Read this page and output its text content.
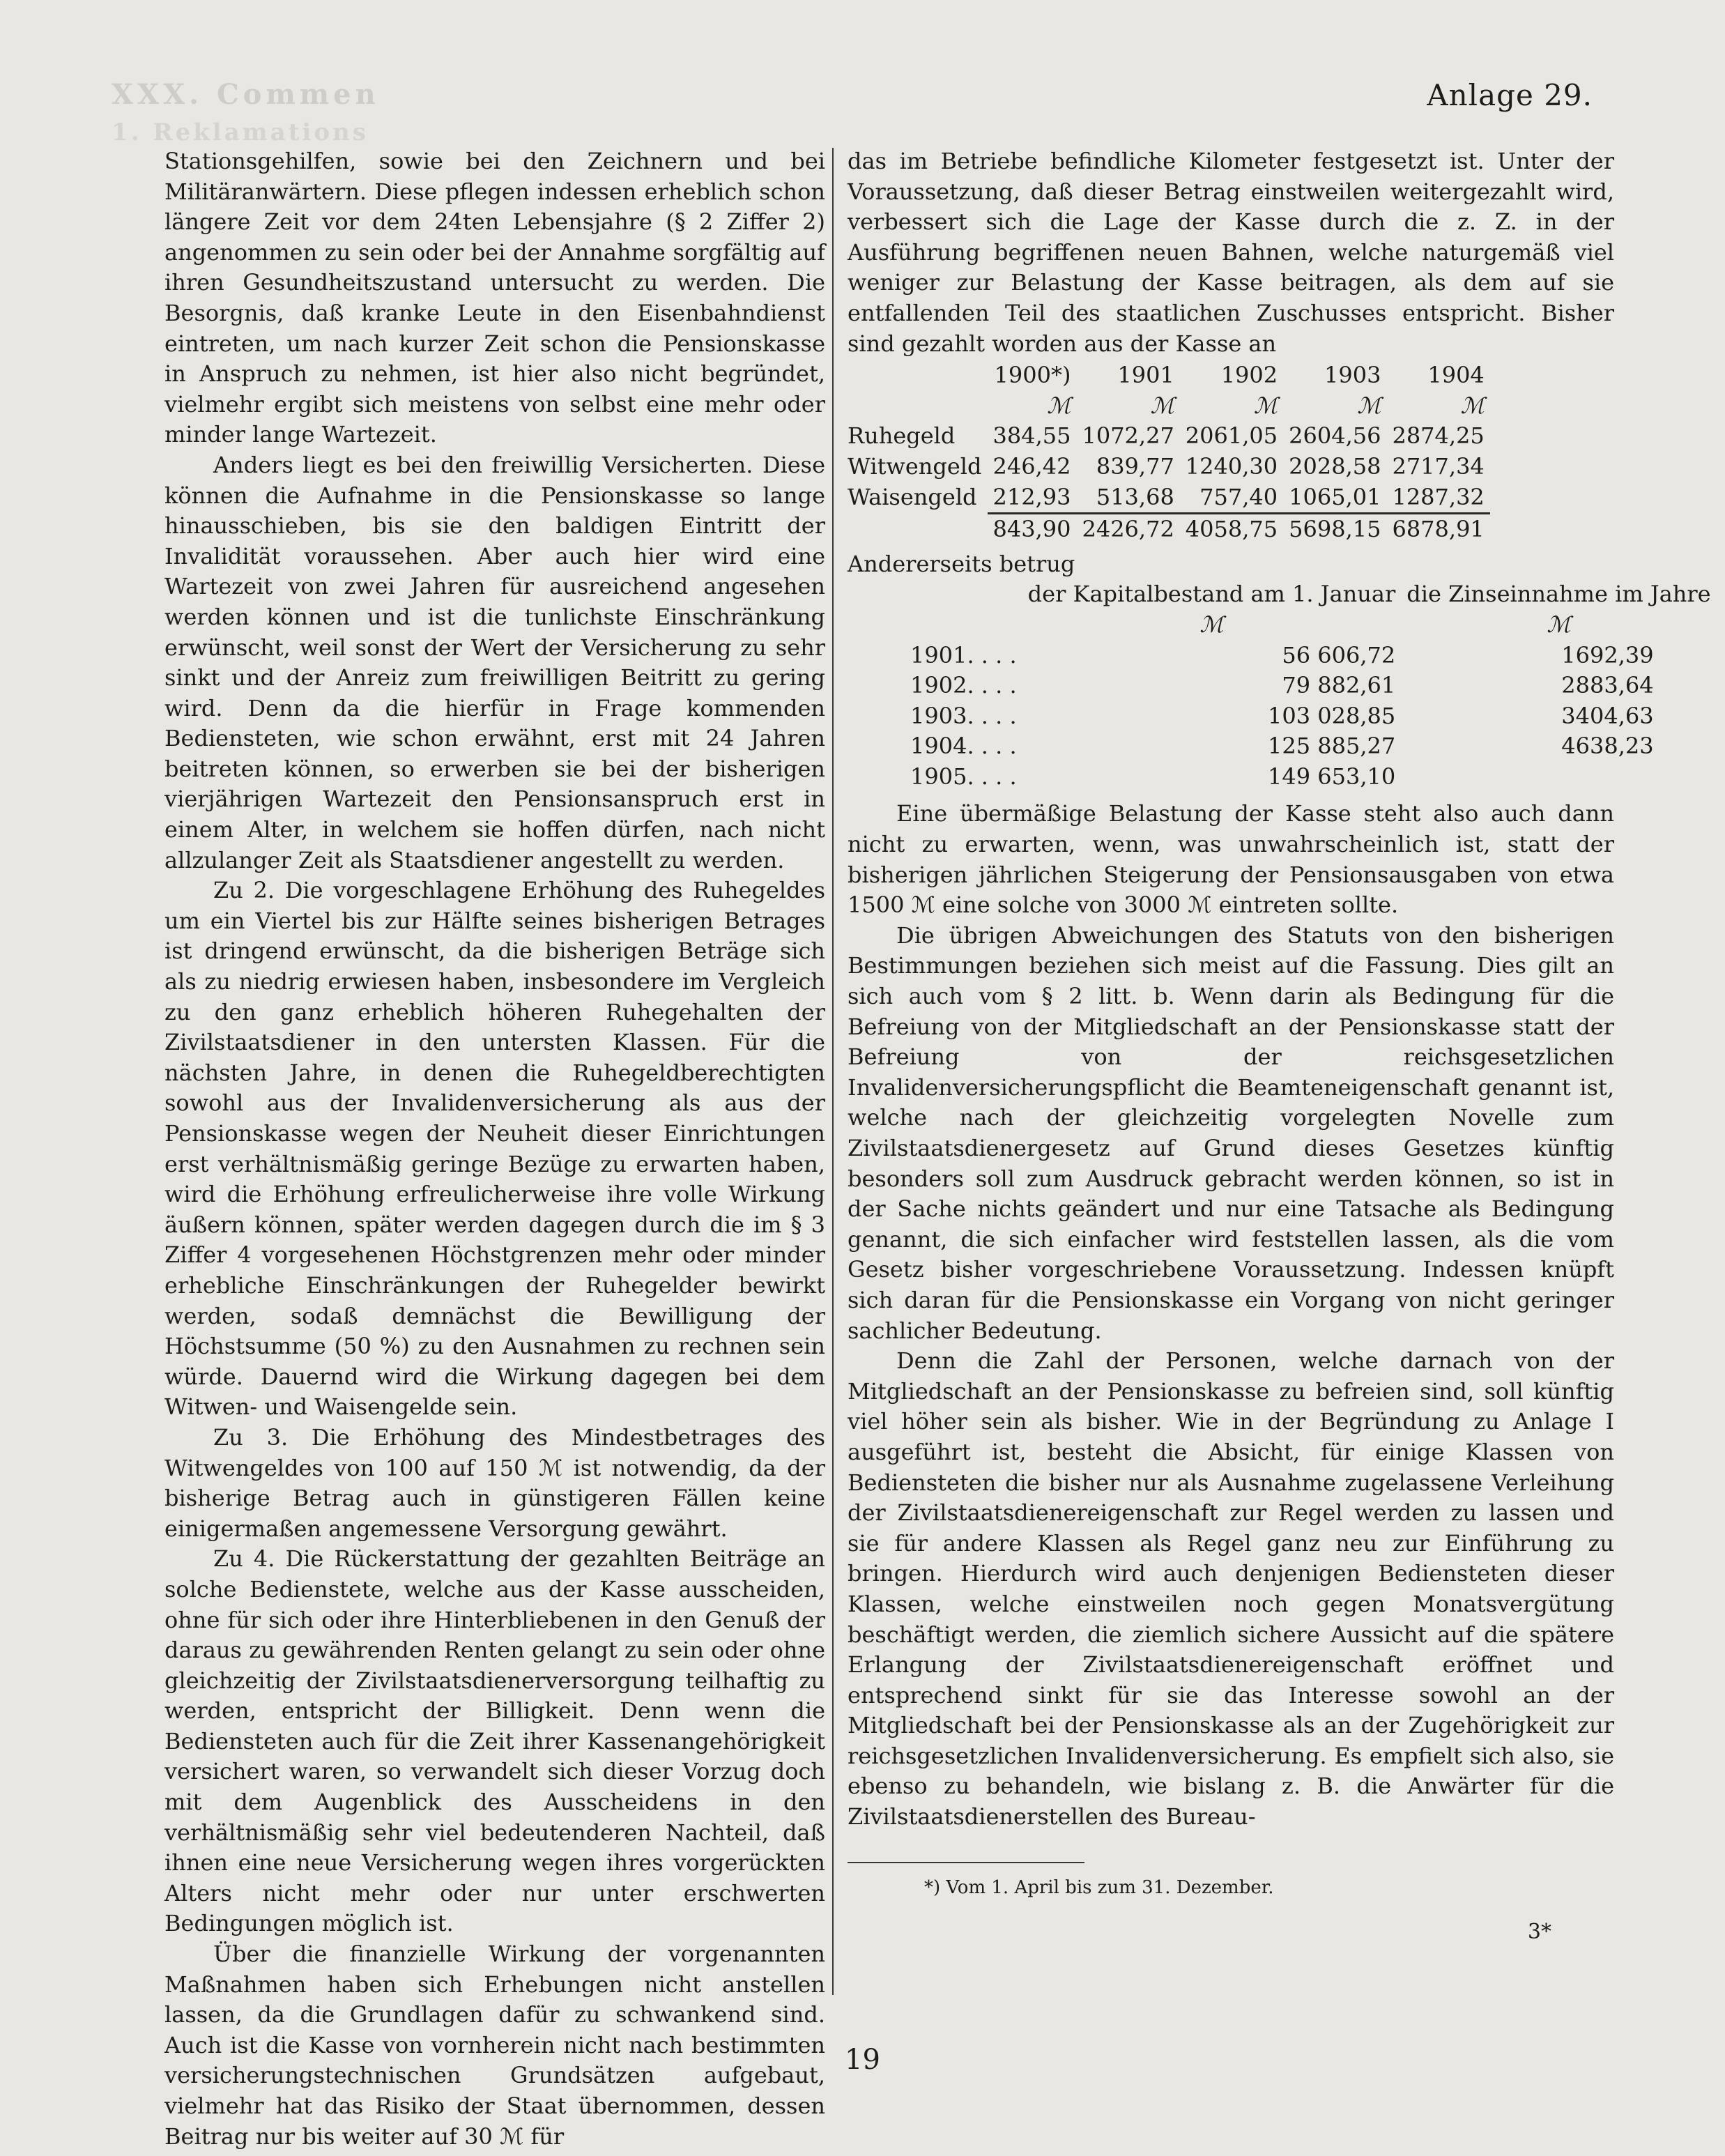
XXX. Commen
1. Reklamations
Anlage 29.

Stationsgehilfen, sowie bei den Zeichnern und bei Militäranwärtern. Diese pflegen indessen erheblich schon längere Zeit vor dem 24ten Lebensjahre (§ 2 Ziffer 2) angenommen zu sein oder bei der Annahme sorgfältig auf ihren Gesundheitszustand untersucht zu werden. Die Besorgnis, daß kranke Leute in den Eisenbahndienst eintreten, um nach kurzer Zeit schon die Pensionskasse in Anspruch zu nehmen, ist hier also nicht begründet, vielmehr ergibt sich meistens von selbst eine mehr oder minder lange Wartezeit.

Anders liegt es bei den freiwillig Versicherten. Diese können die Aufnahme in die Pensionskasse so lange hinausschieben, bis sie den baldigen Eintritt der Invalidität voraussehen. Aber auch hier wird eine Wartezeit von zwei Jahren für ausreichend angesehen werden können und ist die tunlichste Einschränkung erwünscht, weil sonst der Wert der Versicherung zu sehr sinkt und der Anreiz zum freiwilligen Beitritt zu gering wird. Denn da die hierfür in Frage kommenden Bediensteten, wie schon erwähnt, erst mit 24 Jahren beitreten können, so erwerben sie bei der bisherigen vierjährigen Wartezeit den Pensionsanspruch erst in einem Alter, in welchem sie hoffen dürfen, nach nicht allzulanger Zeit als Staatsdiener angestellt zu werden.

Zu 2. Die vorgeschlagene Erhöhung des Ruhegeldes um ein Viertel bis zur Hälfte seines bisherigen Betrages ist dringend erwünscht, da die bisherigen Beträge sich als zu niedrig erwiesen haben, insbesondere im Vergleich zu den ganz erheblich höheren Ruhegehalten der Zivilstaatsdiener in den untersten Klassen. Für die nächsten Jahre, in denen die Ruhegeldberechtigten sowohl aus der Invalidenversicherung als aus der Pensionskasse wegen der Neuheit dieser Einrichtungen erst verhältnismäßig geringe Bezüge zu erwarten haben, wird die Erhöhung erfreulicherweise ihre volle Wirkung äußern können, später werden dagegen durch die im § 3 Ziffer 4 vorgesehenen Höchstgrenzen mehr oder minder erhebliche Einschränkungen der Ruhegelder bewirkt werden, sodaß demnächst die Bewilligung der Höchstsumme (50 %) zu den Ausnahmen zu rechnen sein würde. Dauernd wird die Wirkung dagegen bei dem Witwen- und Waisengelde sein.

Zu 3. Die Erhöhung des Mindestbetrages des Witwengeldes von 100 auf 150 ℳ ist notwendig, da der bisherige Betrag auch in günstigeren Fällen keine einigermaßen angemessene Versorgung gewährt.

Zu 4. Die Rückerstattung der gezahlten Beiträge an solche Bedienstete, welche aus der Kasse ausscheiden, ohne für sich oder ihre Hinterbliebenen in den Genuß der daraus zu gewährenden Renten gelangt zu sein oder ohne gleichzeitig der Zivilstaatsdienerversorgung teilhaftig zu werden, entspricht der Billigkeit. Denn wenn die Bediensteten auch für die Zeit ihrer Kassenangehörigkeit versichert waren, so verwandelt sich dieser Vorzug doch mit dem Augenblick des Ausscheidens in den verhältnismäßig sehr viel bedeutenderen Nachteil, daß ihnen eine neue Versicherung wegen ihres vorgerückten Alters nicht mehr oder nur unter erschwerten Bedingungen möglich ist.

Über die finanzielle Wirkung der vorgenannten Maßnahmen haben sich Erhebungen nicht anstellen lassen, da die Grundlagen dafür zu schwankend sind. Auch ist die Kasse von vornherein nicht nach bestimmten versicherungstechnischen Grundsätzen aufgebaut, vielmehr hat das Risiko der Staat übernommen, dessen Beitrag nur bis weiter auf 30 ℳ für

das im Betriebe befindliche Kilometer festgesetzt ist. Unter der Voraussetzung, daß dieser Betrag einstweilen weitergezahlt wird, verbessert sich die Lage der Kasse durch die z. Z. in der Ausführung begriffenen neuen Bahnen, welche naturgemäß viel weniger zur Belastung der Kasse beitragen, als dem auf sie entfallenden Teil des staatlichen Zuschusses entspricht. Bisher sind gezahlt worden aus der Kasse an

	1900*)	1901	1902	1903	1904
	ℳ	ℳ	ℳ	ℳ	ℳ
Ruhegeld	384,55	1072,27	2061,05	2604,56	2874,25
Witwengeld	246,42	839,77	1240,30	2028,58	2717,34
Waisengeld	212,93	513,68	757,40	1065,01	1287,32
	843,90	2426,72	4058,75	5698,15	6878,91

Andererseits betrug

	der Kapitalbestand am 1. Januar	die Zinseinnahme im Jahre
	ℳ	ℳ
1901. . . .	56 606,72	1692,39
1902. . . .	79 882,61	2883,64
1903. . . .	103 028,85	3404,63
1904. . . .	125 885,27	4638,23
1905. . . .	149 653,10	

Eine übermäßige Belastung der Kasse steht also auch dann nicht zu erwarten, wenn, was unwahrscheinlich ist, statt der bisherigen jährlichen Steigerung der Pensionsausgaben von etwa 1500 ℳ eine solche von 3000 ℳ eintreten sollte.

Die übrigen Abweichungen des Statuts von den bisherigen Bestimmungen beziehen sich meist auf die Fassung. Dies gilt an sich auch vom § 2 litt. b. Wenn darin als Bedingung für die Befreiung von der Mitgliedschaft an der Pensionskasse statt der Befreiung von der reichsgesetzlichen Invalidenversicherungspflicht die Beamteneigenschaft genannt ist, welche nach der gleichzeitig vorgelegten Novelle zum Zivilstaatsdienergesetz auf Grund dieses Gesetzes künftig besonders soll zum Ausdruck gebracht werden können, so ist in der Sache nichts geändert und nur eine Tatsache als Bedingung genannt, die sich einfacher wird feststellen lassen, als die vom Gesetz bisher vorgeschriebene Voraussetzung. Indessen knüpft sich daran für die Pensionskasse ein Vorgang von nicht geringer sachlicher Bedeutung.

Denn die Zahl der Personen, welche darnach von der Mitgliedschaft an der Pensionskasse zu befreien sind, soll künftig viel höher sein als bisher. Wie in der Begründung zu Anlage I ausgeführt ist, besteht die Absicht, für einige Klassen von Bediensteten die bisher nur als Ausnahme zugelassene Verleihung der Zivilstaatsdienereigenschaft zur Regel werden zu lassen und sie für andere Klassen als Regel ganz neu zur Einführung zu bringen. Hierdurch wird auch denjenigen Bediensteten dieser Klassen, welche einstweilen noch gegen Monatsvergütung beschäftigt werden, die ziemlich sichere Aussicht auf die spätere Erlangung der Zivilstaatsdienereigenschaft eröffnet und entsprechend sinkt für sie das Interesse sowohl an der Mitgliedschaft bei der Pensionskasse als an der Zugehörigkeit zur reichsgesetzlichen Invalidenversicherung. Es empfielt sich also, sie ebenso zu behandeln, wie bislang z. B. die Anwärter für die Zivilstaatsdienerstellen des Bureau-

*) Vom 1. April bis zum 31. Dezember.
3*
19
